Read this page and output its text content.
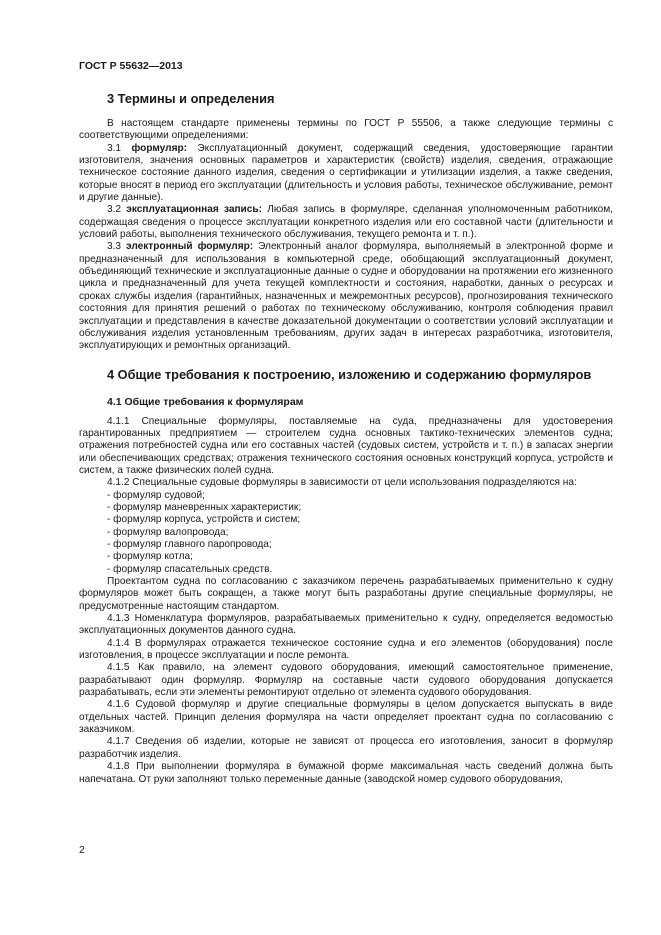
ГОСТ Р 55632—2013
3 Термины и определения

В настоящем стандарте применены термины по ГОСТ Р 55506, а также следующие термины с соответствующими определениями:

3.1 формуляр: Эксплуатационный документ, содержащий сведения, удостоверяющие гарантии изготовителя, значения основных параметров и характеристик (свойств) изделия, сведения, отражающие техническое состояние данного изделия, сведения о сертификации и утилизации изделия, а также сведения, которые вносят в период его эксплуатации (длительность и условия работы, техническое обслуживание, ремонт и другие данные).

3.2 эксплуатационная запись: Любая запись в формуляре, сделанная уполномоченным работником, содержащая сведения о процессе эксплуатации конкретного изделия или его составной части (длительности и условий работы, выполнения технического обслуживания, текущего ремонта и т. п.).

3.3 электронный формуляр: Электронный аналог формуляра, выполняемый в электронной форме и предназначенный для использования в компьютерной среде, обобщающий эксплуатационный документ, объединяющий технические и эксплуатационные данные о судне и оборудовании на протяжении его жизненного цикла и предназначенный для учета текущей комплектности и состояния, наработки, данных о ресурсах и сроках службы изделия (гарантийных, назначенных и межремонтных ресурсов), прогнозирования технического состояния для принятия решений о работах по техническому обслуживанию, контроля соблюдения правил эксплуатации и представления в качестве доказательной документации о соответствии условий эксплуатации и обслуживания изделия установленным требованиям, других задач в интересах разработчика, изготовителя, эксплуатирующих и ремонтных организаций.

4 Общие требования к построению, изложению и содержанию формуляров
4.1 Общие требования к формулярам

4.1.1 Специальные формуляры, поставляемые на суда, предназначены для удостоверения гарантированных предприятием — строителем судна основных тактико-технических элементов судна; отражения потребностей судна или его составных частей (судовых систем, устройств и т. п.) в запасах энергии или обеспечивающих средствах; отражения технического состояния основных конструкций корпуса, устройств и систем, а также физических полей судна.

4.1.2 Специальные судовые формуляры в зависимости от цели использования подразделяются на:

- формуляр судовой;
- формуляр маневренных характеристик;
- формуляр корпуса, устройств и систем;
- формуляр валопровода;
- формуляр главного паропровода;
- формуляр котла;
- формуляр спасательных средств.

Проектантом судна по согласованию с заказчиком перечень разрабатываемых применительно к судну формуляров может быть сокращен, а также могут быть разработаны другие специальные формуляры, не предусмотренные настоящим стандартом.

4.1.3 Номенклатура формуляров, разрабатываемых применительно к судну, определяется ведомостью эксплуатационных документов данного судна.

4.1.4 В формулярах отражается техническое состояние судна и его элементов (оборудования) после изготовления, в процессе эксплуатации и после ремонта.

4.1.5 Как правило, на элемент судового оборудования, имеющий самостоятельное применение, разрабатывают один формуляр. Формуляр на составные части судового оборудования допускается разрабатывать, если эти элементы ремонтируют отдельно от элемента судового оборудования.

4.1.6 Судовой формуляр и другие специальные формуляры в целом допускается выпускать в виде отдельных частей. Принцип деления формуляра на части определяет проектант судна по согласованию с заказчиком.

4.1.7 Сведения об изделии, которые не зависят от процесса его изготовления, заносит в формуляр разработчик изделия.

4.1.8 При выполнении формуляра в бумажной форме максимальная часть сведений должна быть напечатана. От руки заполняют только переменные данные (заводской номер судового оборудования,

2
